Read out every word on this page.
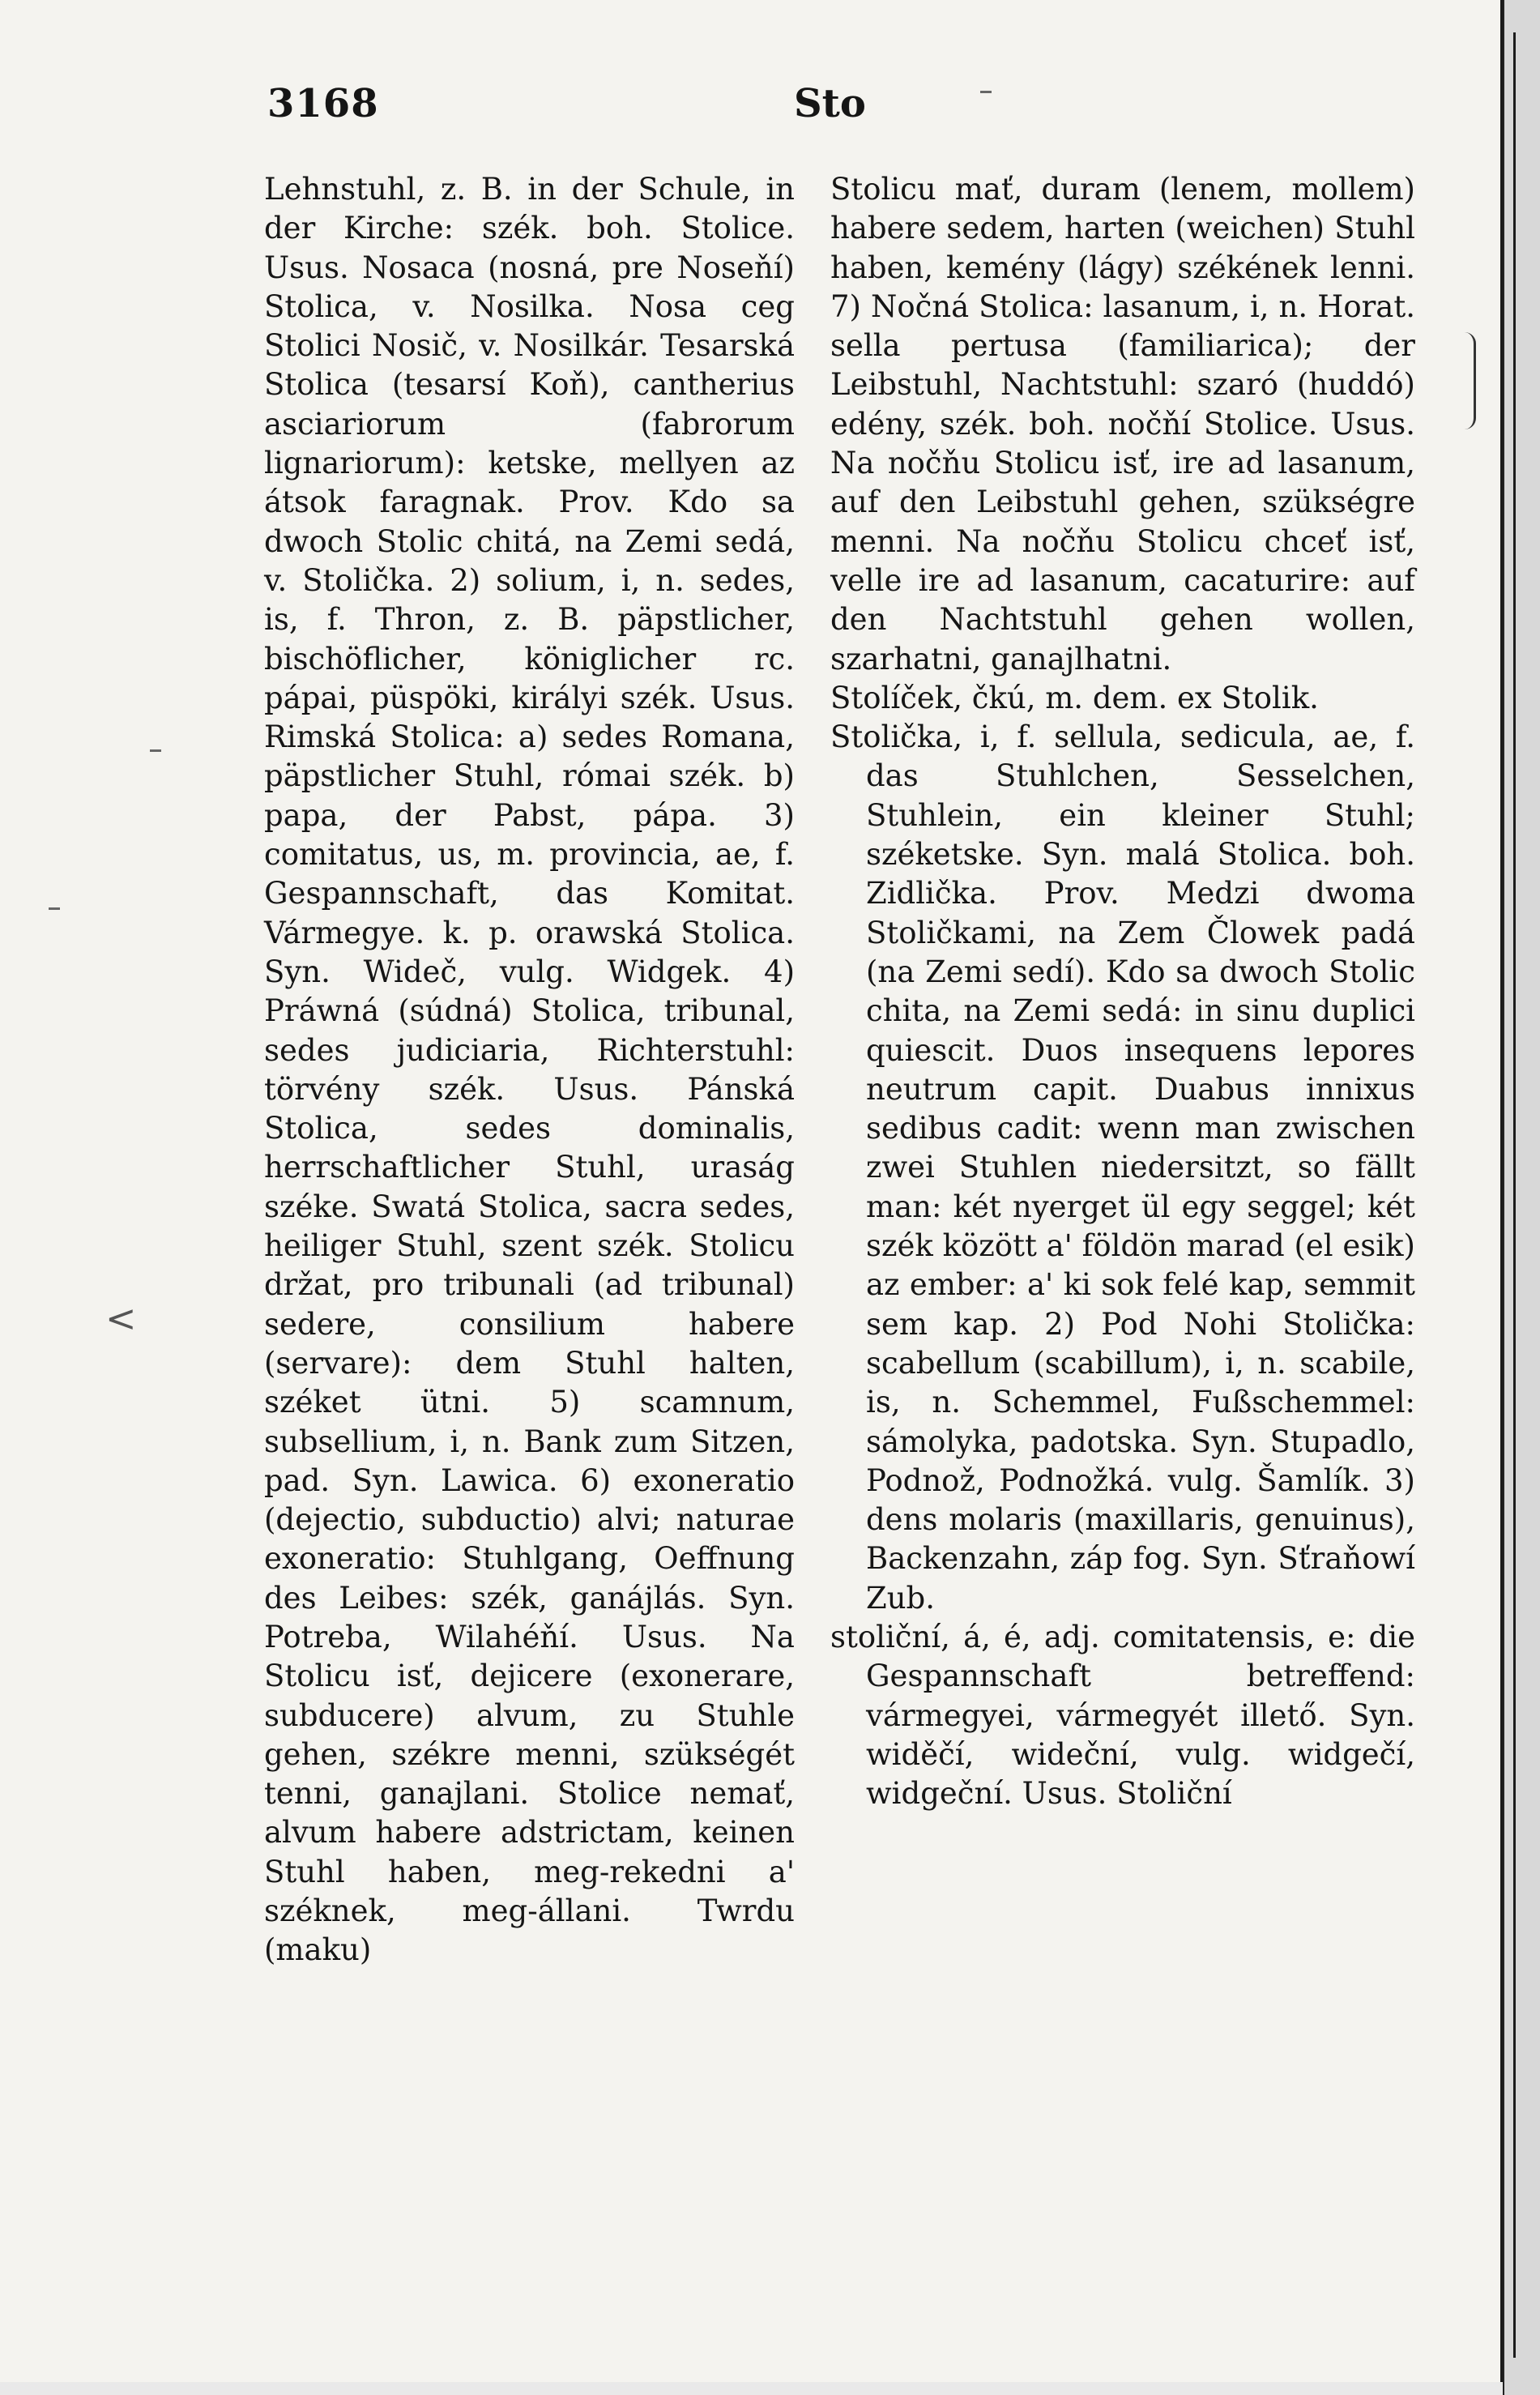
3168	Sto

Lehnstuhl, z. B. in der Schule, in der Kirche: szék. boh. Stolice. Usus. Nosaca (nosná, pre Noseňí) Stolica, v. Nosilka. Nosa ceg Stolici Nosič, v. Nosilkár. Tesarská Stolica (tesarsí Koň), cantherius asciariorum (fabrorum lignariorum): ketske, mellyen az átsok faragnak. Prov. Kdo sa dwoch Stolic chitá, na Zemi sedá, v. Stolička. 2) solium, i, n. sedes, is, f. Thron, z. B. päpstlicher, bischöflicher, königlicher rc. pápai, püspöki, királyi szék. Usus. Rimská Stolica: a) sedes Romana, päpstlicher Stuhl, római szék. b) papa, der Pabst, pápa. 3) comitatus, us, m. provincia, ae, f. Gespannschaft, das Komitat. Vármegye. k. p. orawská Stolica. Syn. Wideč, vulg. Widgek. 4) Práwná (súdná) Stolica, tribunal, sedes judiciaria, Richterstuhl: törvény szék. Usus. Pánská Stolica, sedes dominalis, herrschaftlicher Stuhl, uraság széke. Swatá Stolica, sacra sedes, heiliger Stuhl, szent szék. Stolicu držat, pro tribunali (ad tribunal) sedere, consilium habere (servare): dem Stuhl halten, széket ütni. 5) scamnum, subsellium, i, n. Bank zum Sitzen, pad. Syn. Lawica. 6) exoneratio (dejectio, subductio) alvi; naturae exoneratio: Stuhlgang, Oeffnung des Leibes: szék, ganájlás. Syn. Potreba, Wilahéňí. Usus. Na Stolicu isť, dejicere (exonerare, subducere) alvum, zu Stuhle gehen, székre menni, szükségét tenni, ganajlani. Stolice nemať, alvum habere adstrictam, keinen Stuhl haben, meg-rekedni a' széknek, meg-állani. Twrdu (maku)

Stolicu mať, duram (lenem, mollem) habere sedem, harten (weichen) Stuhl haben, kemény (lágy) székének lenni. 7) Nočná Stolica: lasanum, i, n. Horat. sella pertusa (familiarica); der Leibstuhl, Nachtstuhl: szaró (huddó) edény, szék. boh. nočňí Stolice. Usus. Na nočňu Stolicu isť, ire ad lasanum, auf den Leibstuhl gehen, szükségre menni. Na nočňu Stolicu chceť isť, velle ire ad lasanum, cacaturire: auf den Nachtstuhl gehen wollen, szarhatni, ganajlhatni.

Stolíček, čkú, m. dem. ex Stolik.

Stolička, i, f. sellula, sedicula, ae, f. das Stuhlchen, Sesselchen, Stuhlein, ein kleiner Stuhl; széketske. Syn. malá Stolica. boh. Zidlička. Prov. Medzi dwoma Stoličkami, na Zem Člowek padá (na Zemi sedí). Kdo sa dwoch Stolic chita, na Zemi sedá: in sinu duplici quiescit. Duos insequens lepores neutrum capit. Duabus innixus sedibus cadit: wenn man zwischen zwei Stuhlen niedersitzt, so fällt man: két nyerget ül egy seggel; két szék között a' földön marad (el esik) az ember: a' ki sok felé kap, semmit sem kap. 2) Pod Nohi Stolička: scabellum (scabillum), i, n. scabile, is, n. Schemmel, Fußschemmel: sámolyka, padotska. Syn. Stupadlo, Podnož, Podnožká. vulg. Šamlík. 3) dens molaris (maxillaris, genuinus), Backenzahn, záp fog. Syn. Sťraňowí Zub.

stoliční, á, é, adj. comitatensis, e: die Gespannschaft betreffend: vármegyei, vármegyét illető. Syn. widěčí, wideční, vulg. widgečí, widgeční. Usus. Stoliční

<
